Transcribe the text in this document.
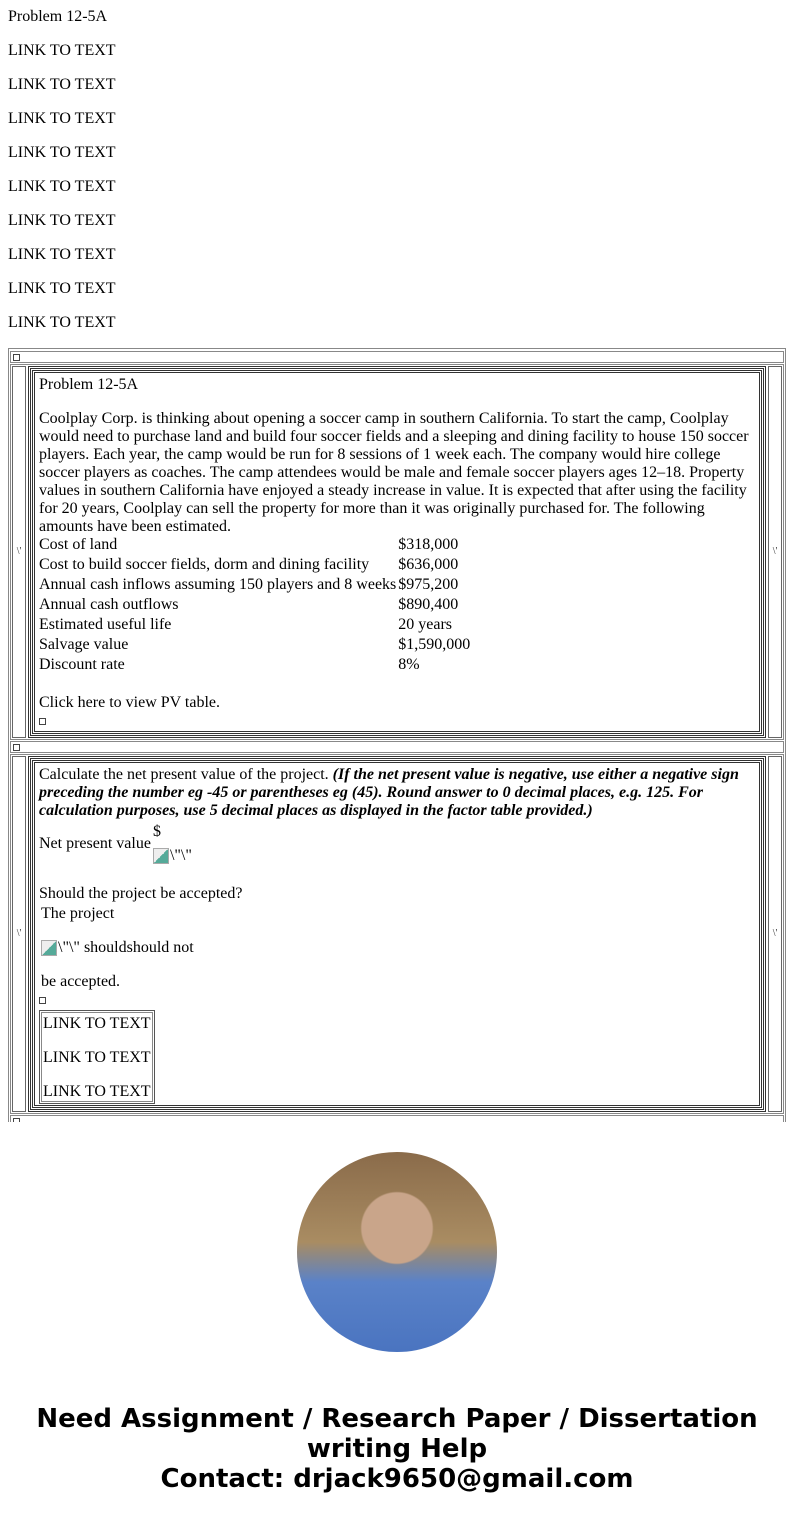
Problem 12-5A

LINK TO TEXT

LINK TO TEXT

LINK TO TEXT

LINK TO TEXT

LINK TO TEXT

LINK TO TEXT

LINK TO TEXT

LINK TO TEXT

LINK TO TEXT

\'

Problem 12-5A

Coolplay Corp. is thinking about opening a soccer camp in southern California. To start the camp, Coolplay would need to purchase land and build four soccer fields and a sleeping and dining facility to house 150 soccer players. Each year, the camp would be run for 8 sessions of 1 week each. The company would hire college soccer players as coaches. The camp attendees would be male and female soccer players ages 12–18. Property values in southern California have enjoyed a steady increase in value. It is expected that after using the facility for 20 years, Coolplay can sell the property for more than it was originally purchased for. The following amounts have been estimated.
Cost of land	$318,000
Cost to build soccer fields, dorm and dining facility	$636,000
Annual cash inflows assuming 150 players and 8 weeks	$975,200
Annual cash outflows	$890,400
Estimated useful life	20 years
Salvage value	$1,590,000
Discount rate	8%
Click here to view PV table.
\'
\'
Calculate the net present value of the project. (If the net present value is negative, use either a negative sign preceding the number eg -45 or parentheses eg (45). Round answer to 0 decimal places, e.g. 125. For calculation purposes, use 5 decimal places as displayed in the factor table provided.)
Net present value	
$
\"\"
Should the project be accepted?

The project

\"\" shouldshould not

be accepted.

LINK TO TEXT

LINK TO TEXT

LINK TO TEXT

\'
Need Assignment / Research Paper / Dissertation writing Help
Contact: drjack9650@gmail.com
